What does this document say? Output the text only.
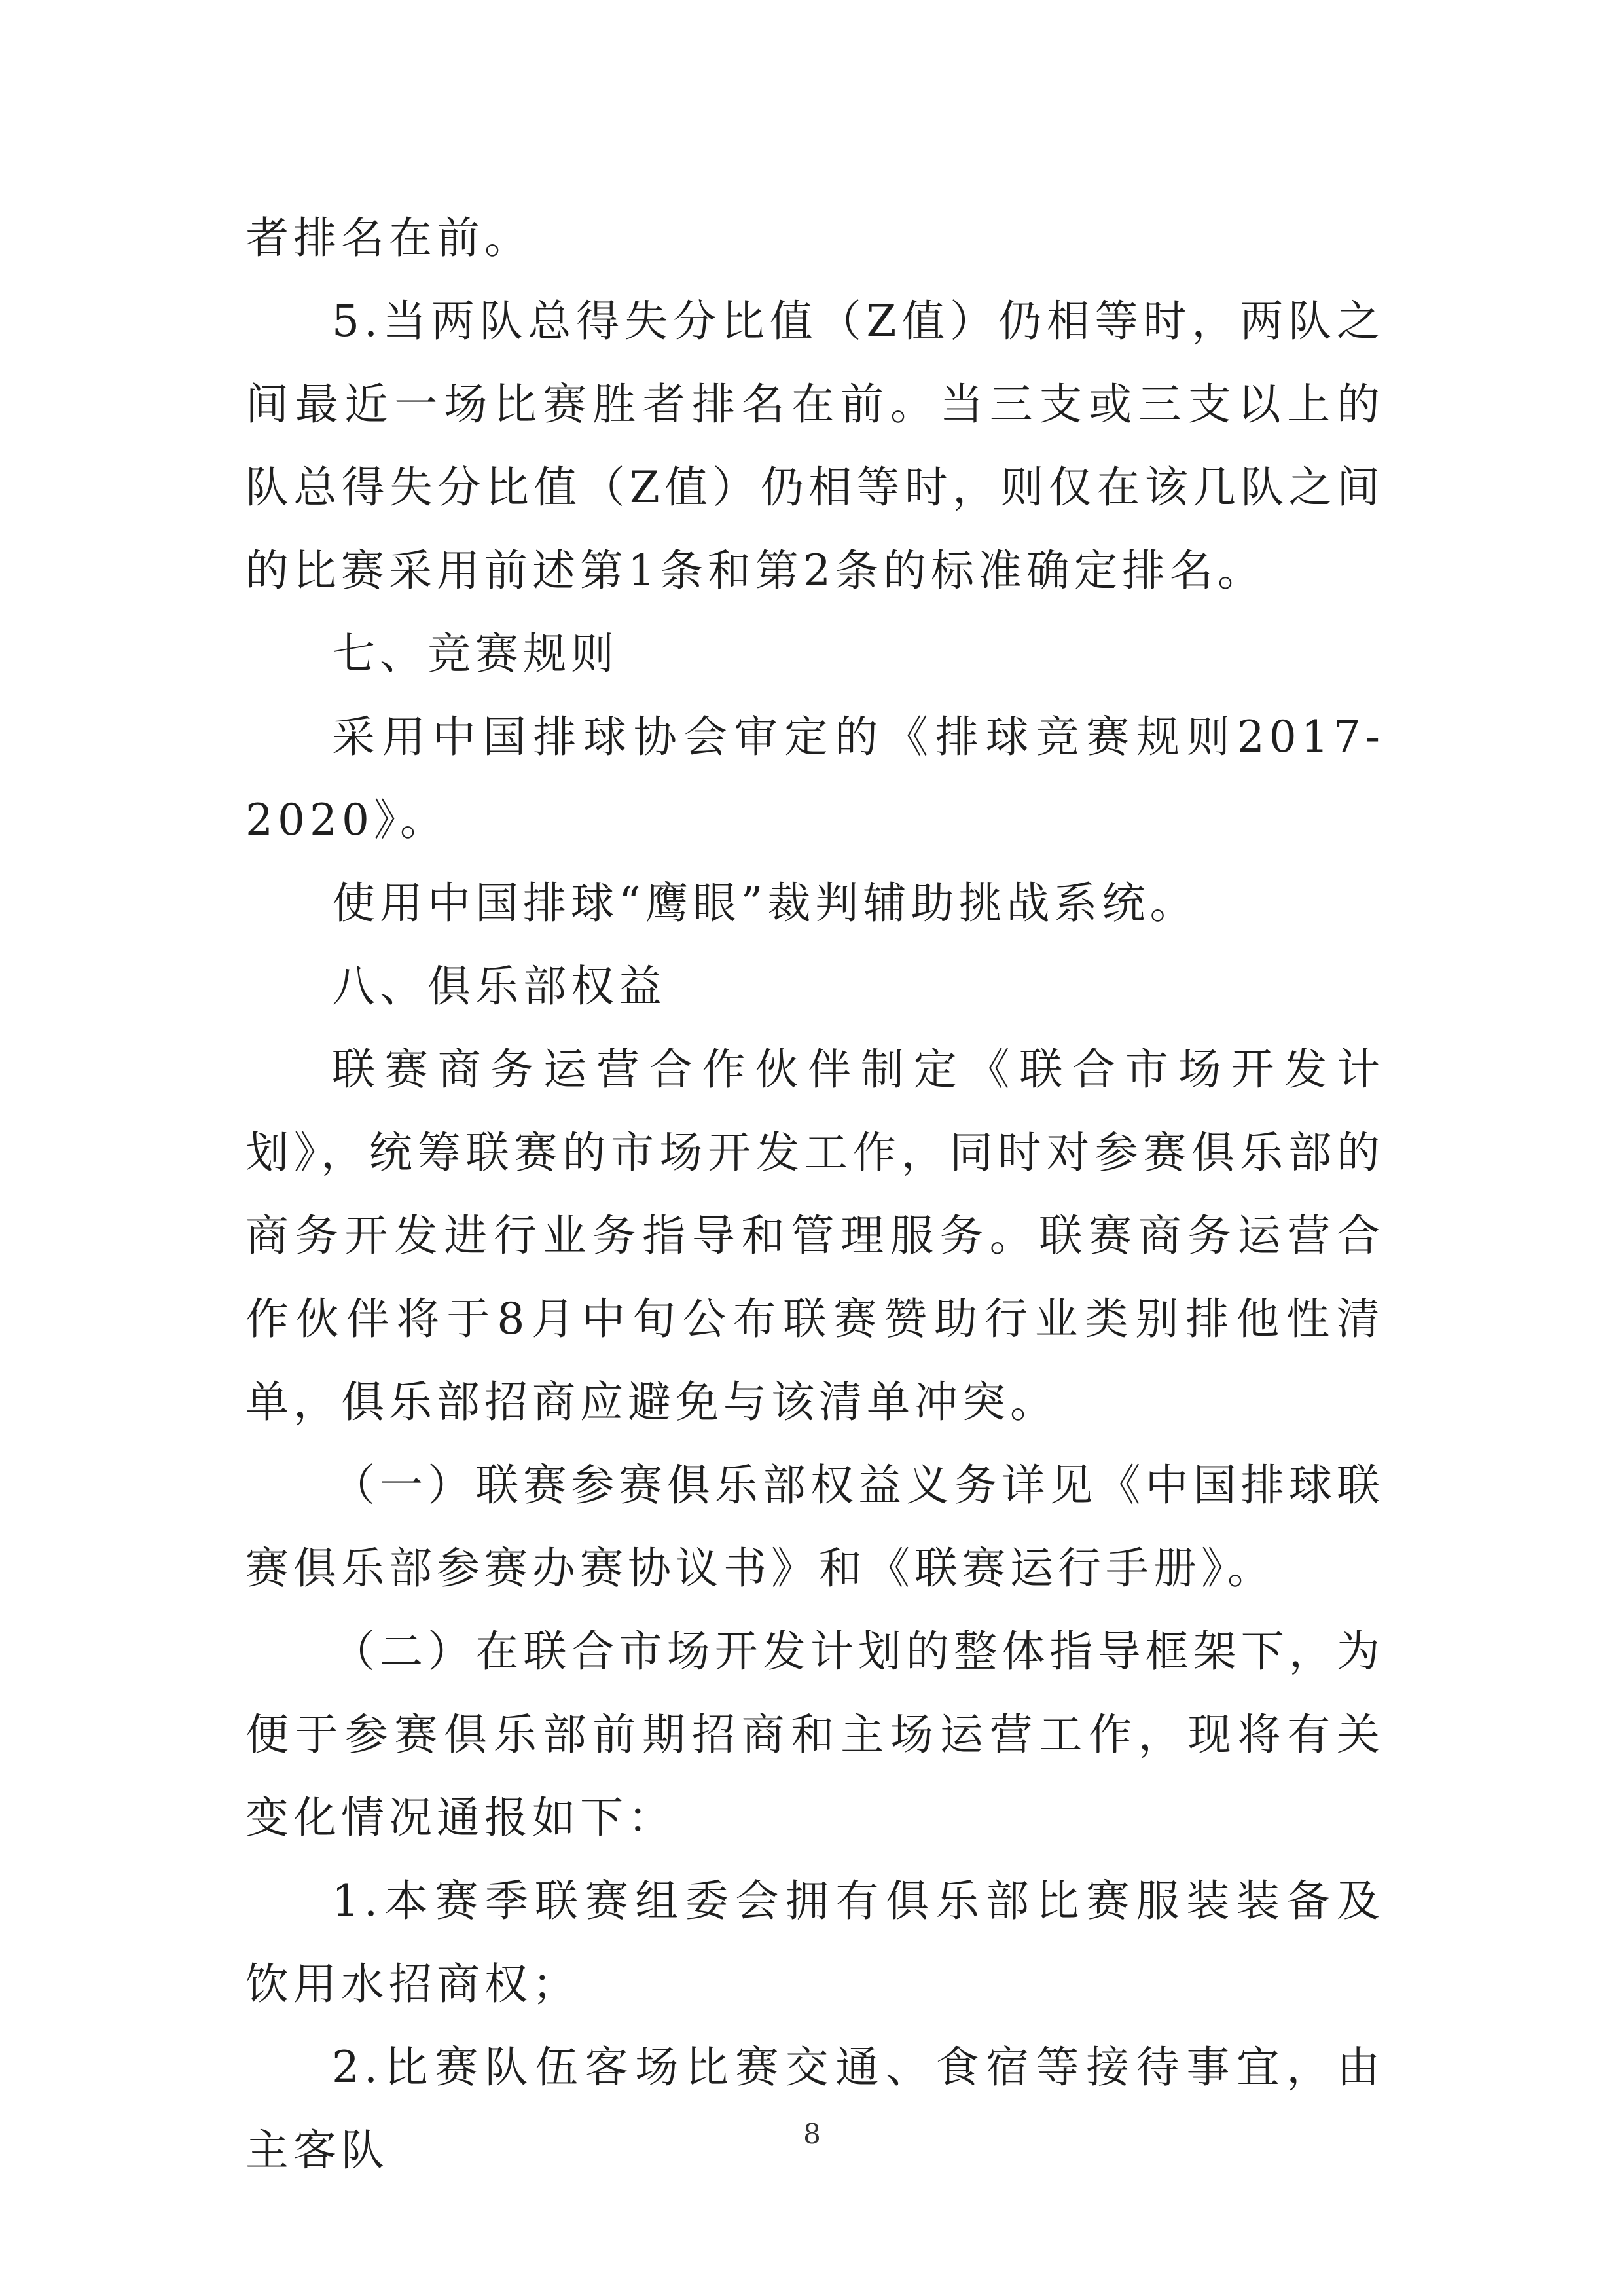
者排名在前。

5.当两队总得失分比值（Z值）仍相等时，两队之间最近一场比赛胜者排名在前。当三支或三支以上的队总得失分比值（Z值）仍相等时，则仅在该几队之间的比赛采用前述第1条和第2条的标准确定排名。

七、竞赛规则

采用中国排球协会审定的《排球竞赛规则2017-2020》。

使用中国排球“鹰眼”裁判辅助挑战系统。

八、俱乐部权益

联赛商务运营合作伙伴制定《联合市场开发计划》，统筹联赛的市场开发工作，同时对参赛俱乐部的商务开发进行业务指导和管理服务。联赛商务运营合作伙伴将于8月中旬公布联赛赞助行业类别排他性清单，俱乐部招商应避免与该清单冲突。

（一）联赛参赛俱乐部权益义务详见《中国排球联赛俱乐部参赛办赛协议书》和《联赛运行手册》。

（二）在联合市场开发计划的整体指导框架下，为便于参赛俱乐部前期招商和主场运营工作，现将有关变化情况通报如下：

1.本赛季联赛组委会拥有俱乐部比赛服装装备及饮用水招商权；

2.比赛队伍客场比赛交通、食宿等接待事宜，由主客队	8
